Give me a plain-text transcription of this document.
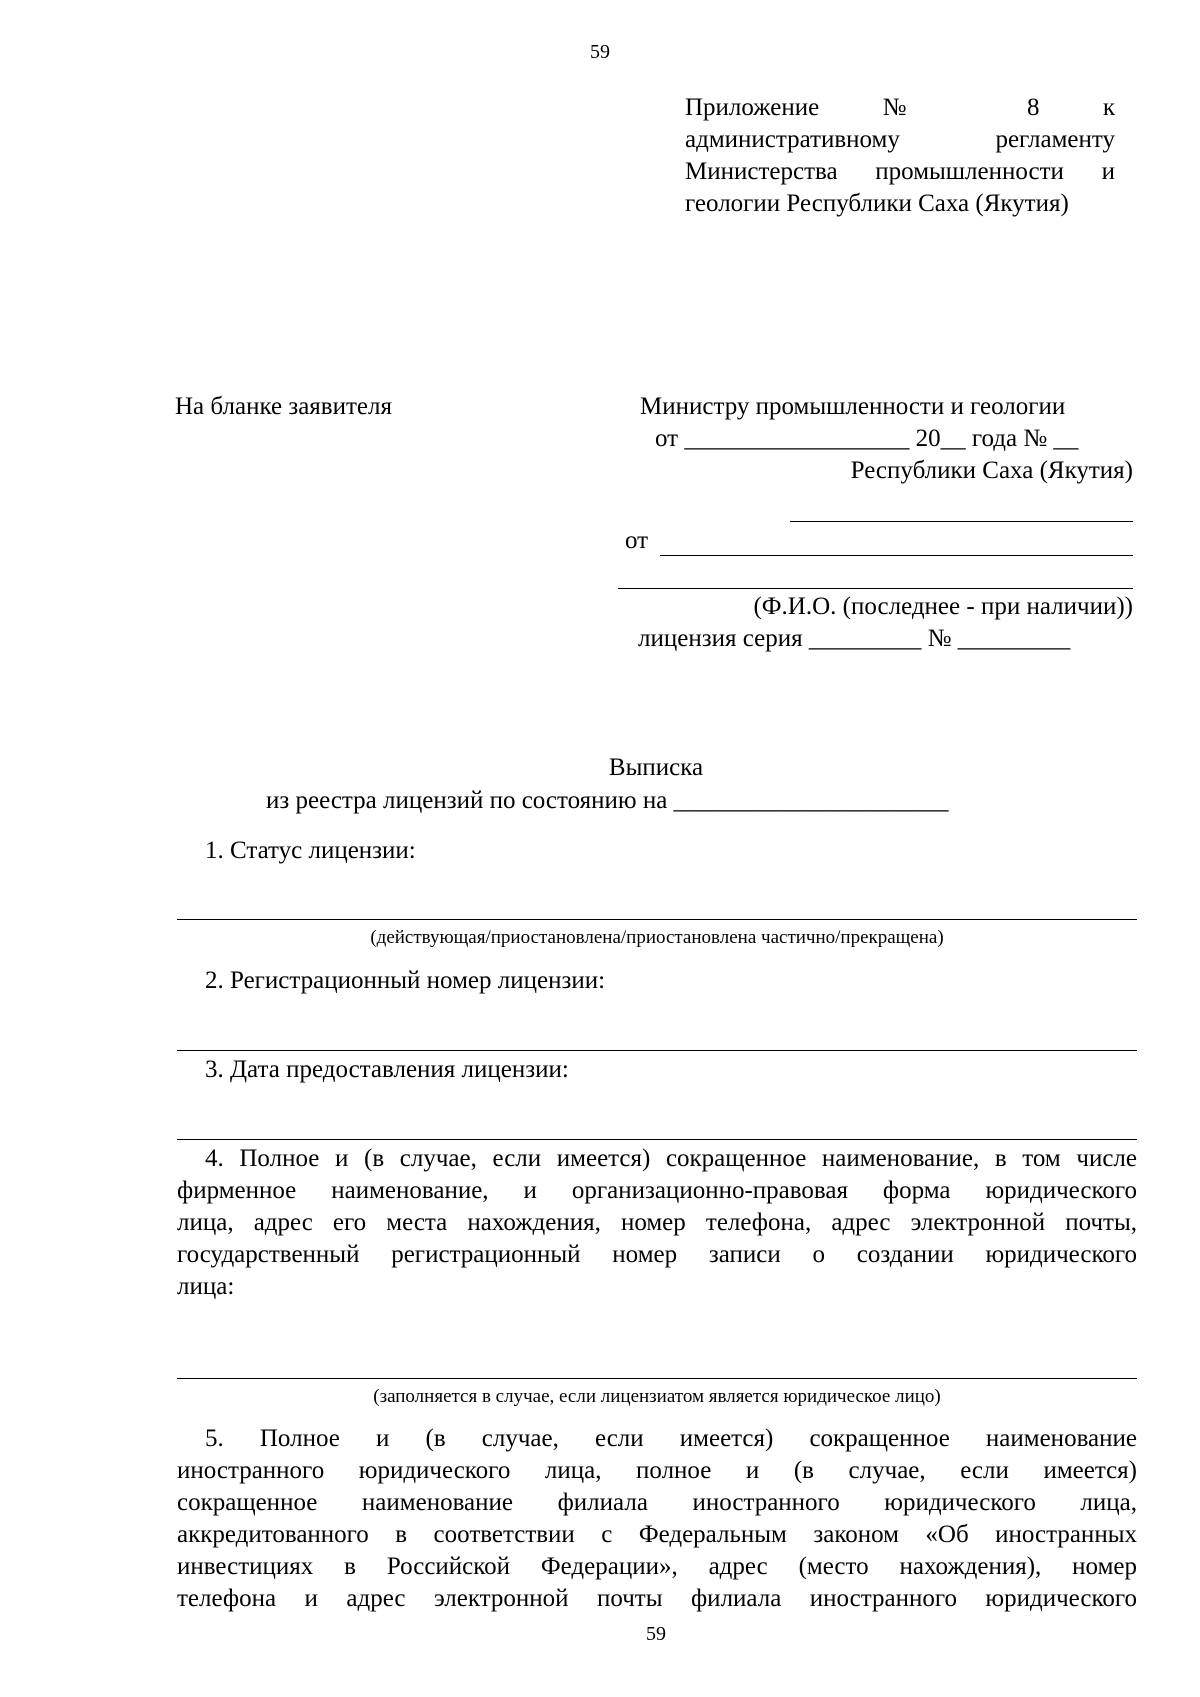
59
Приложение № 8 к
административному регламенту
Министерства промышленности и
геологии Республики Саха (Якутия)
На бланке заявителя	Министру промышленности и геологии
от __________________ 20__ года № __
Республики Саха (Якутия)
от
(Ф.И.О. (последнее - при наличии))
лицензия серия _________ № _________
Выписка
из реестра лицензий по состоянию на ______________________
1. Статус лицензии:
(действующая/приостановлена/приостановлена частично/прекращена)
2. Регистрационный номер лицензии:
3. Дата предоставления лицензии:
4. Полное и (в случае, если имеется) сокращенное наименование, в том числе
фирменное наименование, и организационно-правовая форма юридического
лица, адрес его места нахождения, номер телефона, адрес электронной почты,
государственный регистрационный номер записи о создании юридического
лица:
(заполняется в случае, если лицензиатом является юридическое лицо)
5. Полное и (в случае, если имеется) сокращенное наименование
иностранного юридического лица, полное и (в случае, если имеется)
сокращенное наименование филиала иностранного юридического лица,
аккредитованного в соответствии с Федеральным законом «Об иностранных
инвестициях в Российской Федерации», адрес (место нахождения), номер
телефона и адрес электронной почты филиала иностранного юридического
59
